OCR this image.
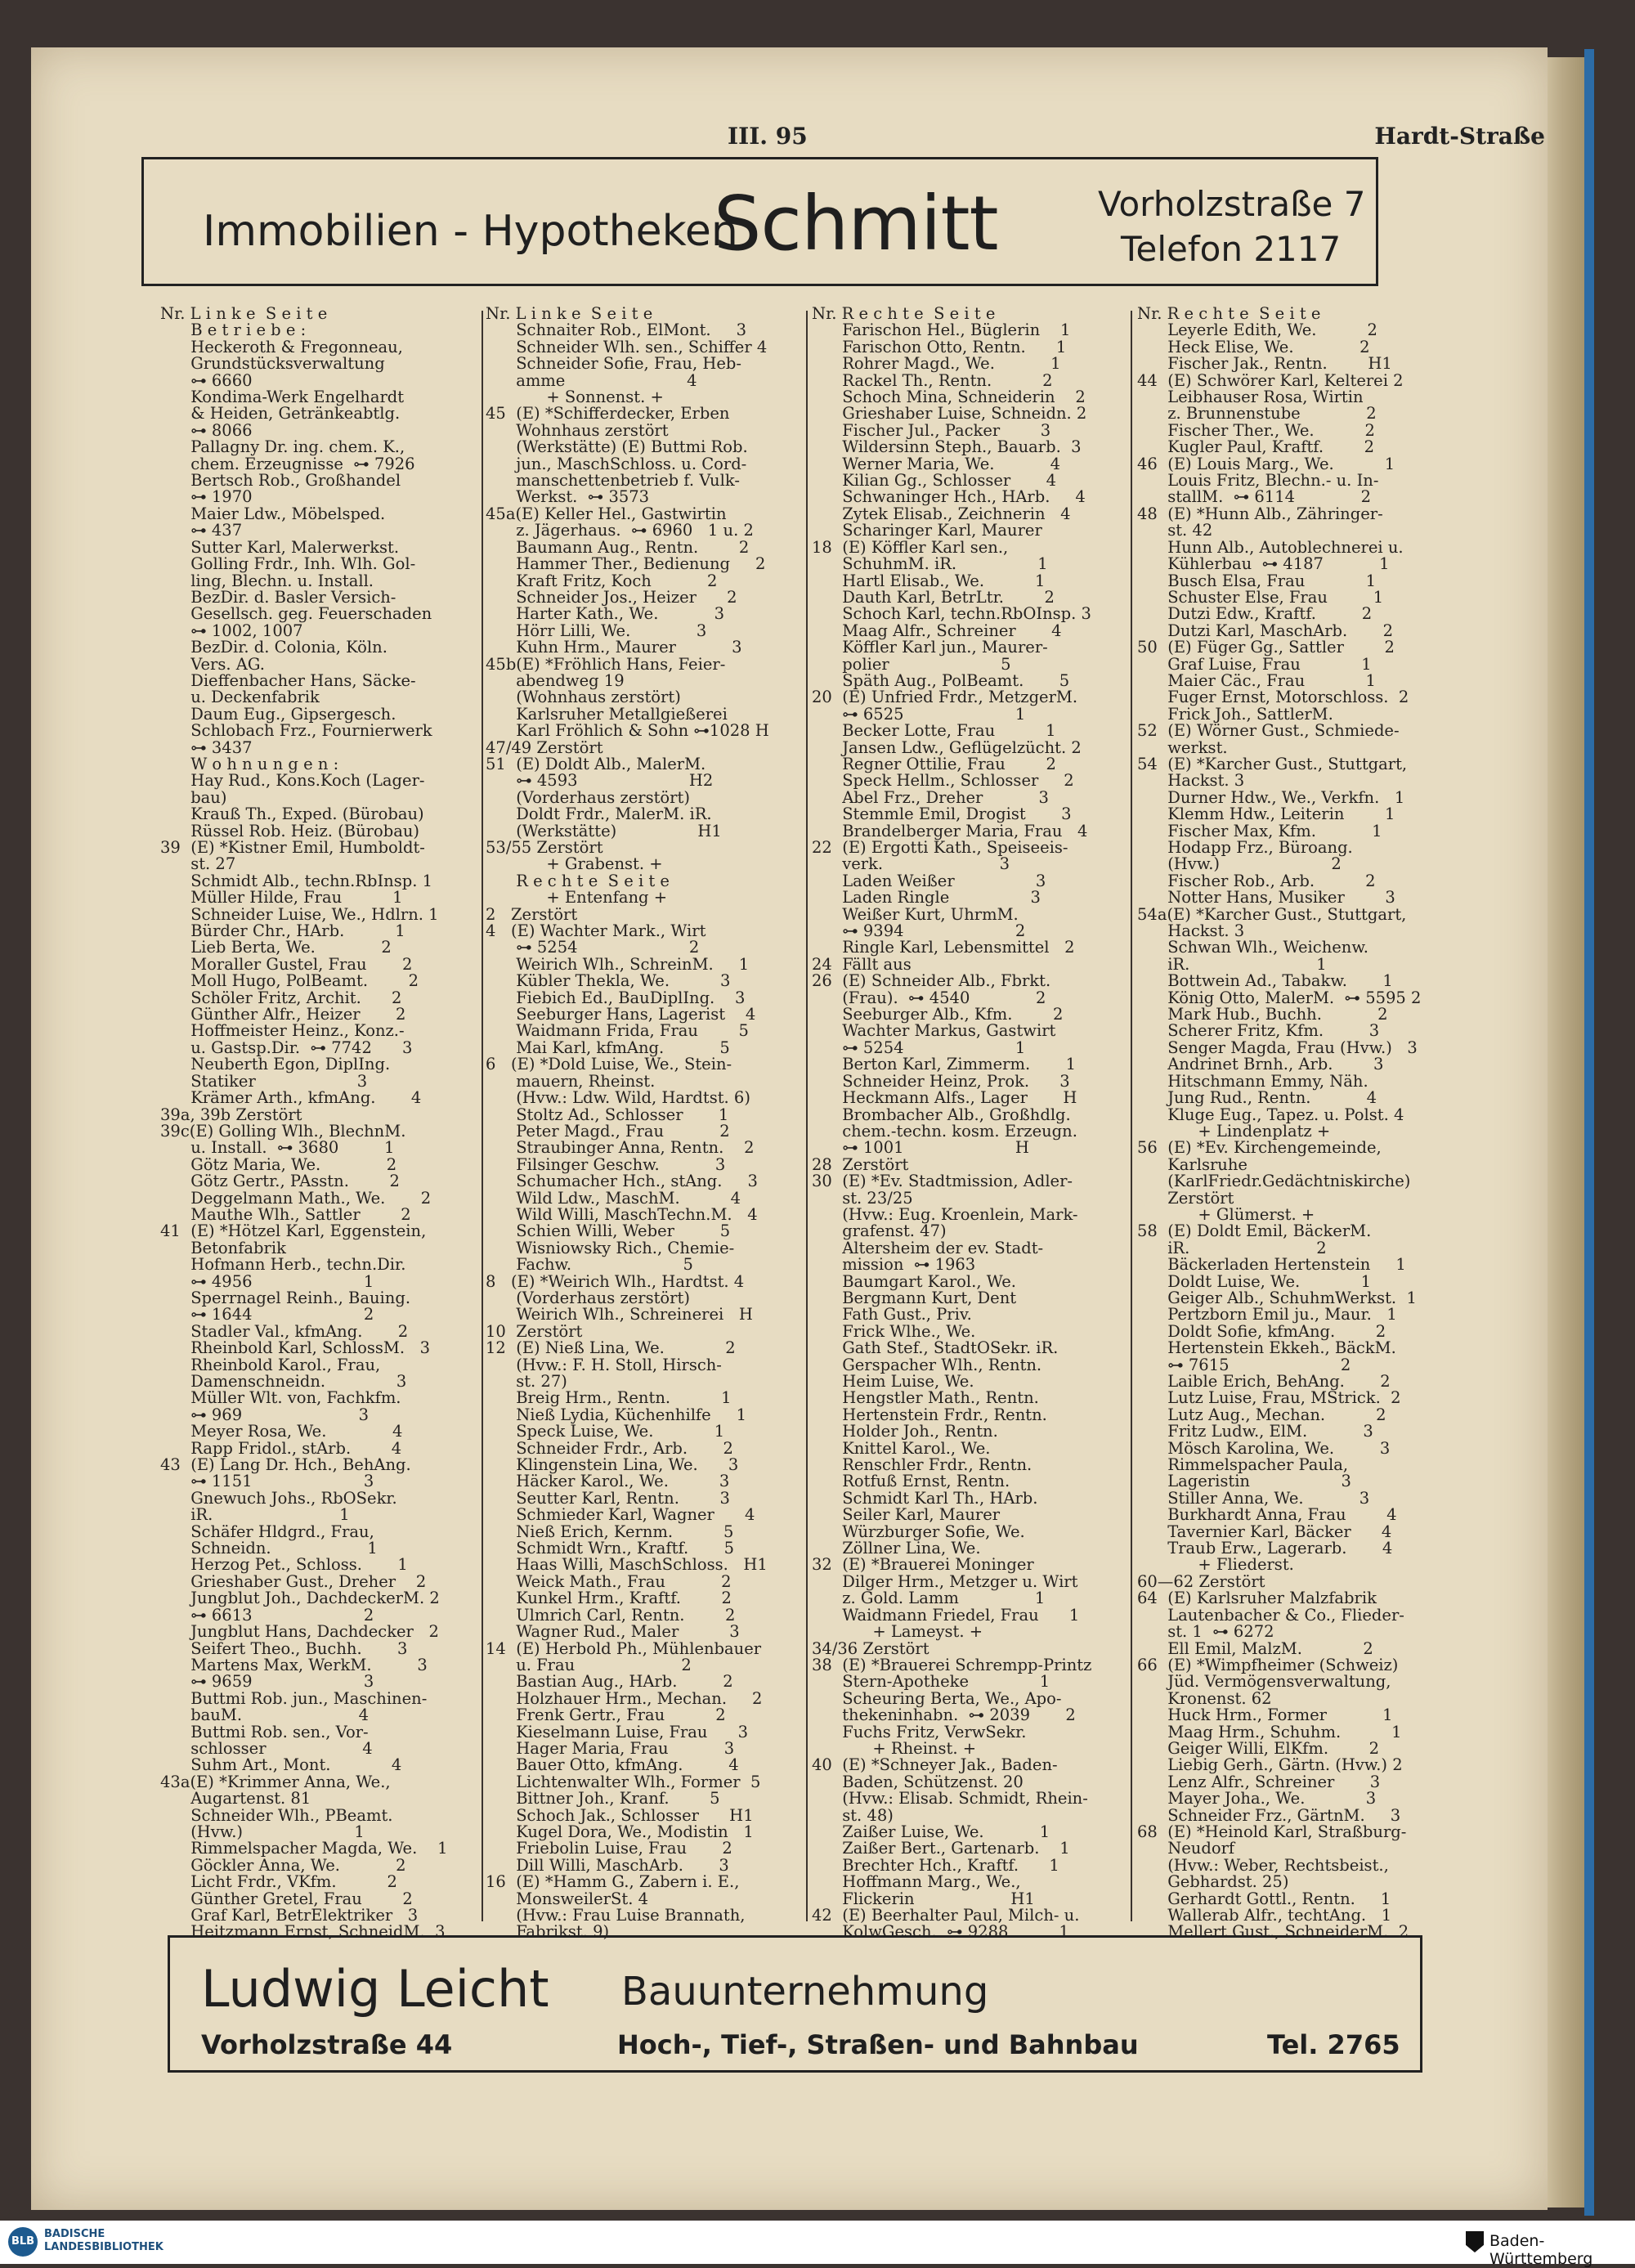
III. 95	Hardt-Straße
Immobilien - Hypotheken
Schmitt	Vorholzstraße 7
Telefon 2117
Nr. L i n k e  S e i t e
B e t r i e b e :
Heckeroth & Fregonneau,
Grundstücksverwaltung
⊶ 6660
Kondima-Werk Engelhardt
& Heiden, Getränkeabtlg.
⊶ 8066
Pallagny Dr. ing. chem. K.,
chem. Erzeugnisse  ⊶ 7926
Bertsch Rob., Großhandel
⊶ 1970
Maier Ldw., Möbelsped.
⊶ 437
Sutter Karl, Malerwerkst.
Golling Frdr., Inh. Wlh. Gol-
ling, Blechn. u. Install.
BezDir. d. Basler Versich-
Gesellsch. geg. Feuerschaden
⊶ 1002, 1007
BezDir. d. Colonia, Köln.
Vers. AG.
Dieffenbacher Hans, Säcke-
u. Deckenfabrik
Daum Eug., Gipsergesch.
Schlobach Frz., Fournierwerk
⊶ 3437
W o h n u n g e n :
Hay Rud., Kons.Koch (Lager-
bau)
Krauß Th., Exped. (Bürobau)
Rüssel Rob. Heiz. (Bürobau)
39  (E) *Kistner Emil, Humboldt-
st. 27
Schmidt Alb., techn.RbInsp. 1
Müller Hilde, Frau          1
Schneider Luise, We., Hdlrn. 1
Bürder Chr., HArb.          1
Lieb Berta, We.             2
Moraller Gustel, Frau       2
Moll Hugo, PolBeamt.        2
Schöler Fritz, Archit.      2
Günther Alfr., Heizer       2
Hoffmeister Heinz., Konz.-
u. Gastsp.Dir.  ⊶ 7742      3
Neuberth Egon, DiplIng.
Statiker                    3
Krämer Arth., kfmAng.       4
39a, 39b Zerstört
39c(E) Golling Wlh., BlechnM.
u. Install.  ⊶ 3680         1
Götz Maria, We.             2
Götz Gertr., PAsstn.        2
Deggelmann Math., We.       2
Mauthe Wlh., Sattler        2
41  (E) *Hötzel Karl, Eggenstein,
Betonfabrik
Hofmann Herb., techn.Dir.
⊶ 4956                      1
Sperrnagel Reinh., Bauing.
⊶ 1644                      2
Stadler Val., kfmAng.       2
Rheinbold Karl, SchlossM.   3
Rheinbold Karol., Frau,
Damenschneidn.              3
Müller Wlt. von, Fachkfm.
⊶ 969                       3
Meyer Rosa, We.             4
Rapp Fridol., stArb.        4
43  (E) Lang Dr. Hch., BehAng.
⊶ 1151                      3
Gnewuch Johs., RbOSekr.
iR.                         1
Schäfer Hldgrd., Frau,
Schneidn.                   1
Herzog Pet., Schloss.       1
Grieshaber Gust., Dreher    2
Jungblut Joh., DachdeckerM. 2
⊶ 6613                      2
Jungblut Hans, Dachdecker   2
Seifert Theo., Buchh.       3
Martens Max, WerkM.         3
⊶ 9659                      3
Buttmi Rob. jun., Maschinen-
bauM.                       4
Buttmi Rob. sen., Vor-
schlosser                   4
Suhm Art., Mont.            4
43a(E) *Krimmer Anna, We.,
Augartenst. 81
Schneider Wlh., PBeamt.
(Hvw.)                      1
Rimmelspacher Magda, We.    1
Göckler Anna, We.           2
Licht Frdr., VKfm.          2
Günther Gretel, Frau        2
Graf Karl, BetrElektriker   3
Heitzmann Ernst, SchneidM.  3
Nr. L i n k e  S e i t e
Schnaiter Rob., ElMont.     3
Schneider Wlh. sen., Schiffer 4
Schneider Sofie, Frau, Heb-
amme                        4
+ Sonnenst. +
45  (E) *Schifferdecker, Erben
Wohnhaus zerstört
(Werkstätte) (E) Buttmi Rob.
jun., MaschSchloss. u. Cord-
manschettenbetrieb f. Vulk-
Werkst.  ⊶ 3573
45a(E) Keller Hel., Gastwirtin
z. Jägerhaus.  ⊶ 6960   1 u. 2
Baumann Aug., Rentn.        2
Hammer Ther., Bedienung     2
Kraft Fritz, Koch           2
Schneider Jos., Heizer      2
Harter Kath., We.           3
Hörr Lilli, We.             3
Kuhn Hrm., Maurer           3
45b(E) *Fröhlich Hans, Feier-
abendweg 19
(Wohnhaus zerstört)
Karlsruher Metallgießerei
Karl Fröhlich & Sohn ⊶1028 H
47/49 Zerstört
51  (E) Doldt Alb., MalerM.
⊶ 4593                      H2
(Vorderhaus zerstört)
Doldt Frdr., MalerM. iR.
(Werkstätte)                H1
53/55 Zerstört
+ Grabenst. +
R e c h t e  S e i t e
+ Entenfang +
2   Zerstört
4   (E) Wachter Mark., Wirt
⊶ 5254                      2
Weirich Wlh., SchreinM.     1
Kübler Thekla, We.          3
Fiebich Ed., BauDiplIng.    3
Seeburger Hans, Lagerist    4
Waidmann Frida, Frau        5
Mai Karl, kfmAng.           5
6   (E) *Dold Luise, We., Stein-
mauern, Rheinst.
(Hvw.: Ldw. Wild, Hardtst. 6)
Stoltz Ad., Schlosser       1
Peter Magd., Frau           2
Straubinger Anna, Rentn.    2
Filsinger Geschw.           3
Schumacher Hch., stAng.     3
Wild Ldw., MaschM.          4
Wild Willi, MaschTechn.M.   4
Schien Willi, Weber         5
Wisniowsky Rich., Chemie-
Fachw.                      5
8   (E) *Weirich Wlh., Hardtst. 4
(Vorderhaus zerstört)
Weirich Wlh., Schreinerei   H
10  Zerstört
12  (E) Nieß Lina, We.            2
(Hvw.: F. H. Stoll, Hirsch-
st. 27)
Breig Hrm., Rentn.          1
Nieß Lydia, Küchenhilfe     1
Speck Luise, We.            1
Schneider Frdr., Arb.       2
Klingenstein Lina, We.      3
Häcker Karol., We.          3
Seutter Karl, Rentn.        3
Schmieder Karl, Wagner      4
Nieß Erich, Kernm.          5
Schmidt Wrn., Kraftf.       5
Haas Willi, MaschSchloss.   H1
Weick Math., Frau           2
Kunkel Hrm., Kraftf.        2
Ulmrich Carl, Rentn.        2
Wagner Rud., Maler          3
14  (E) Herbold Ph., Mühlenbauer
u. Frau                     2
Bastian Aug., HArb.         2
Holzhauer Hrm., Mechan.     2
Frenk Gertr., Frau          2
Kieselmann Luise, Frau      3
Hager Maria, Frau           3
Bauer Otto, kfmAng.         4
Lichtenwalter Wlh., Former  5
Bittner Joh., Kranf.        5
Schoch Jak., Schlosser      H1
Kugel Dora, We., Modistin   1
Friebolin Luise, Frau       2
Dill Willi, MaschArb.       3
16  (E) *Hamm G., Zabern i. E.,
MonsweilerSt. 4
(Hvw.: Frau Luise Brannath,
Fabrikst. 9)
Nr. R e c h t e  S e i t e
Farischon Hel., Büglerin    1
Farischon Otto, Rentn.      1
Rohrer Magd., We.           1
Rackel Th., Rentn.          2
Schoch Mina, Schneiderin    2
Grieshaber Luise, Schneidn. 2
Fischer Jul., Packer        3
Wildersinn Steph., Bauarb.  3
Werner Maria, We.           4
Kilian Gg., Schlosser       4
Schwaninger Hch., HArb.     4
Zytek Elisab., Zeichnerin   4
Scharinger Karl, Maurer
18  (E) Köffler Karl sen.,
SchuhmM. iR.                1
Hartl Elisab., We.          1
Dauth Karl, BetrLtr.        2
Schoch Karl, techn.RbOInsp. 3
Maag Alfr., Schreiner       4
Köffler Karl jun., Maurer-
polier                      5
Späth Aug., PolBeamt.       5
20  (E) Unfried Frdr., MetzgerM.
⊶ 6525                      1
Becker Lotte, Frau          1
Jansen Ldw., Geflügelzücht. 2
Regner Ottilie, Frau        2
Speck Hellm., Schlosser     2
Abel Frz., Dreher           3
Stemmle Emil, Drogist       3
Brandelberger Maria, Frau   4
22  (E) Ergotti Kath., Speiseeis-
verk.                       3
Laden Weißer                3
Laden Ringle                3
Weißer Kurt, UhrmM.
⊶ 9394                      2
Ringle Karl, Lebensmittel   2
24  Fällt aus
26  (E) Schneider Alb., Fbrkt.
(Frau).  ⊶ 4540             2
Seeburger Alb., Kfm.        2
Wachter Markus, Gastwirt
⊶ 5254                      1
Berton Karl, Zimmerm.       1
Schneider Heinz, Prok.      3
Heckmann Alfs., Lager       H
Brombacher Alb., Großhdlg.
chem.-techn. kosm. Erzeugn.
⊶ 1001                      H
28  Zerstört
30  (E) *Ev. Stadtmission, Adler-
st. 23/25
(Hvw.: Eug. Kroenlein, Mark-
grafenst. 47)
Altersheim der ev. Stadt-
mission  ⊶ 1963
Baumgart Karol., We.
Bergmann Kurt, Dent
Fath Gust., Priv.
Frick Wlhe., We.
Gath Stef., StadtOSekr. iR.
Gerspacher Wlh., Rentn.
Heim Luise, We.
Hengstler Math., Rentn.
Hertenstein Frdr., Rentn.
Holder Joh., Rentn.
Knittel Karol., We.
Renschler Frdr., Rentn.
Rotfuß Ernst, Rentn.
Schmidt Karl Th., HArb.
Seiler Karl, Maurer
Würzburger Sofie, We.
Zöllner Lina, We.
32  (E) *Brauerei Moninger
Dilger Hrm., Metzger u. Wirt
z. Gold. Lamm               1
Waidmann Friedel, Frau      1
+ Lameyst. +
34/36 Zerstört
38  (E) *Brauerei Schrempp-Printz
Stern-Apotheke              1
Scheuring Berta, We., Apo-
thekeninhabn.  ⊶ 2039       2
Fuchs Fritz, VerwSekr.
+ Rheinst. +
40  (E) *Schneyer Jak., Baden-
Baden, Schützenst. 20
(Hvw.: Elisab. Schmidt, Rhein-
st. 48)
Zaißer Luise, We.           1
Zaißer Bert., Gartenarb.    1
Brechter Hch., Kraftf.      1
Hoffmann Marg., We.,
Flickerin                   H1
42  (E) Beerhalter Paul, Milch- u.
KolwGesch.  ⊶ 9288          1
Nr. R e c h t e  S e i t e
Leyerle Edith, We.          2
Heck Elise, We.             2
Fischer Jak., Rentn.        H1
44  (E) Schwörer Karl, Kelterei 2
Leibhauser Rosa, Wirtin
z. Brunnenstube             2
Fischer Ther., We.          2
Kugler Paul, Kraftf.        2
46  (E) Louis Marg., We.          1
Louis Fritz, Blechn.- u. In-
stallM.  ⊶ 6114             2
48  (E) *Hunn Alb., Zähringer-
st. 42
Hunn Alb., Autoblechnerei u.
Kühlerbau  ⊶ 4187           1
Busch Elsa, Frau            1
Schuster Else, Frau         1
Dutzi Edw., Kraftf.         2
Dutzi Karl, MaschArb.       2
50  (E) Füger Gg., Sattler        2
Graf Luise, Frau            1
Maier Cäc., Frau            1
Fuger Ernst, Motorschloss.  2
Frick Joh., SattlerM.
52  (E) Wörner Gust., Schmiede-
werkst.
54  (E) *Karcher Gust., Stuttgart,
Hackst. 3
Durner Hdw., We., Verkfn.   1
Klemm Hdw., Leiterin        1
Fischer Max, Kfm.           1
Hodapp Frz., Büroang.
(Hvw.)                      2
Fischer Rob., Arb.          2
Notter Hans, Musiker        3
54a(E) *Karcher Gust., Stuttgart,
Hackst. 3
Schwan Wlh., Weichenw.
iR.                         1
Bottwein Ad., Tabakw.       1
König Otto, MalerM.  ⊶ 5595 2
Mark Hub., Buchh.           2
Scherer Fritz, Kfm.         3
Senger Magda, Frau (Hvw.)   3
Andrinet Brnh., Arb.        3
Hitschmann Emmy, Näh.
Jung Rud., Rentn.           4
Kluge Eug., Tapez. u. Polst. 4
+ Lindenplatz +
56  (E) *Ev. Kirchengemeinde,
Karlsruhe
(KarlFriedr.Gedächtniskirche)
Zerstört
+ Glümerst. +
58  (E) Doldt Emil, BäckerM.
iR.                         2
Bäckerladen Hertenstein     1
Doldt Luise, We.            1
Geiger Alb., SchuhmWerkst.  1
Pertzborn Emil ju., Maur.   1
Doldt Sofie, kfmAng.        2
Hertenstein Ekkeh., BäckM.
⊶ 7615                      2
Laible Erich, BehAng.       2
Lutz Luise, Frau, MStrick.  2
Lutz Aug., Mechan.          2
Fritz Ludw., ElM.           3
Mösch Karolina, We.         3
Rimmelspacher Paula,
Lageristin                  3
Stiller Anna, We.           3
Burkhardt Anna, Frau        4
Tavernier Karl, Bäcker      4
Traub Erw., Lagerarb.       4
+ Fliederst.
60—62 Zerstört
64  (E) Karlsruher Malzfabrik
Lautenbacher & Co., Flieder-
st. 1  ⊶ 6272
Ell Emil, MalzM.            2
66  (E) *Wimpfheimer (Schweiz)
Jüd. Vermögensverwaltung,
Kronenst. 62
Huck Hrm., Former           1
Maag Hrm., Schuhm.          1
Geiger Willi, ElKfm.        2
Liebig Gerh., Gärtn. (Hvw.) 2
Lenz Alfr., Schreiner       3
Mayer Joha., We.            3
Schneider Frz., GärtnM.     3
68  (E) *Heinold Karl, Straßburg-
Neudorf
(Hvw.: Weber, Rechtsbeist.,
Gebhardst. 25)
Gerhardt Gottl., Rentn.     1
Wallerab Alfr., techtAng.   1
Mellert Gust., SchneiderM.  2
Ludwig Leicht Bauunternehmung
Vorholzstraße 44	Hoch-, Tief-, Straßen- und Bahnbau	Tel. 2765
BLB
BADISCHE
LANDESBIBLIOTHEK	Baden-Württemberg
